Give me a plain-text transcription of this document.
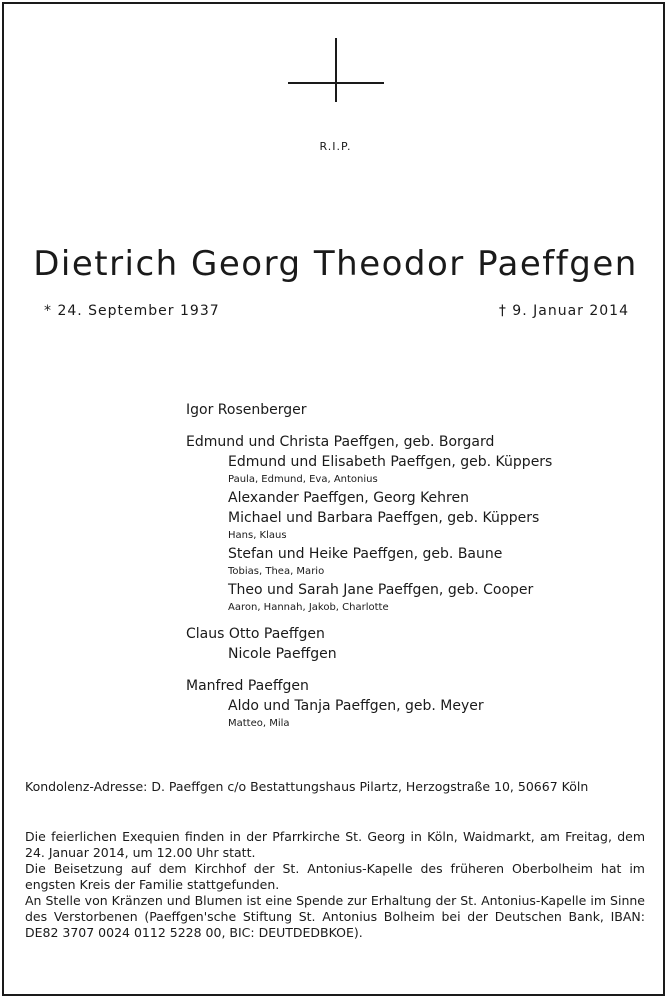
R.I.P.
Dietrich Georg Theodor Paeffgen
* 24. September 1937	† 9. Januar 2014
Igor Rosenberger
Edmund und Christa Paeffgen, geb. Borgard
Edmund und Elisabeth Paeffgen, geb. Küppers
Paula, Edmund, Eva, Antonius
Alexander Paeffgen, Georg Kehren
Michael und Barbara Paeffgen, geb. Küppers
Hans, Klaus
Stefan und Heike Paeffgen, geb. Baune
Tobias, Thea, Mario
Theo und Sarah Jane Paeffgen, geb. Cooper
Aaron, Hannah, Jakob, Charlotte
Claus Otto Paeffgen
Nicole Paeffgen
Manfred Paeffgen
Aldo und Tanja Paeffgen, geb. Meyer
Matteo, Mila
Kondolenz-Adresse: D. Paeffgen c/o Bestattungshaus Pilartz, Herzogstraße 10, 50667 Köln
Die feierlichen Exequien finden in der Pfarrkirche St. Georg in Köln, Waidmarkt, am Freitag, dem 24. Januar 2014, um 12.00 Uhr statt.
Die Beisetzung auf dem Kirchhof der St. Antonius-Kapelle des früheren Oberbolheim hat im engsten Kreis der Familie stattgefunden.
An Stelle von Kränzen und Blumen ist eine Spende zur Erhaltung der St. Antonius-Kapelle im Sinne des Verstorbenen (Paeffgen'sche Stiftung St. Antonius Bolheim bei der Deutschen Bank, IBAN: DE82 3707 0024 0112 5228 00, BIC: DEUTDEDBKOE).
